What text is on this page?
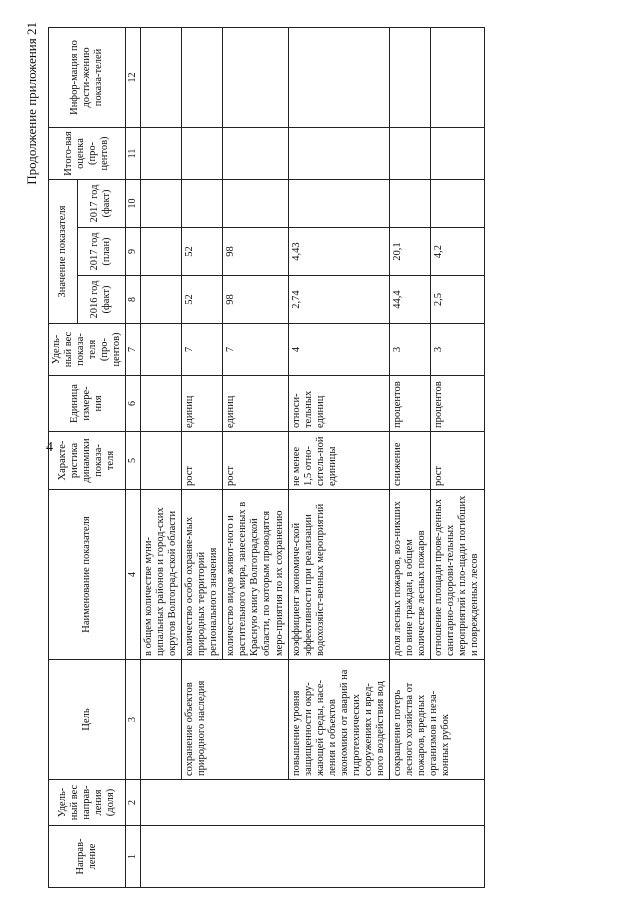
4
Продолжение приложения 21
Направ-ление	Удель-ный вес направ-ления (доля)	Цель	Наименование показателя	Характе-ристика динамики показа-теля	Единица измере-ния	Удель-ный вес показа-теля (про-центов)	Значение показателя			Итого-вая оценка (про-центов)	Инфор-мация по дости-жению показа-телей
							2016 год (факт)	2017 год (план)	2017 год (факт)		
1	2	3	4	5	6	7	8	9	10	11	12
			в общем количестве муни-ципальных районов и город-ских округов Волгоград-ской области								
		сохранение объектов природного наследия	количество особо охраняе-мых природных территорий регионального значения	рост	единиц	7	52	52			
			количество видов живот-ного и растительного мира, занесенных в Красную книгу Волгоградской области, по которым проводятся меро-приятия по их сохранению	рост	единиц	7	98	98			
		повышение уровня защищенности окру-жающей среды, насе-ления и объектов экономики от аварий на гидротехнических сооружениях и вред-ного воздействия вод	коэффициент экономиче-ской эффективности при реализации водохозяйст-венных мероприятий	не менее 1,5 отно-ситель-ной единицы	относи-тельных единиц	4	2,74	4,43			
		сокращение потерь лесного хозяйства от пожаров, вредных организмов и неза-конных рубок	доля лесных пожаров, воз-никших по вине граждан, в общем количестве лесных пожаров	снижение	процентов	3	44,4	20,1			
			отношение площади прове-денных санитарно-оздорови-тельных мероприятий к пло-щади погибших и поврежденных лесов	рост	процентов	3	2,5	4,2			
